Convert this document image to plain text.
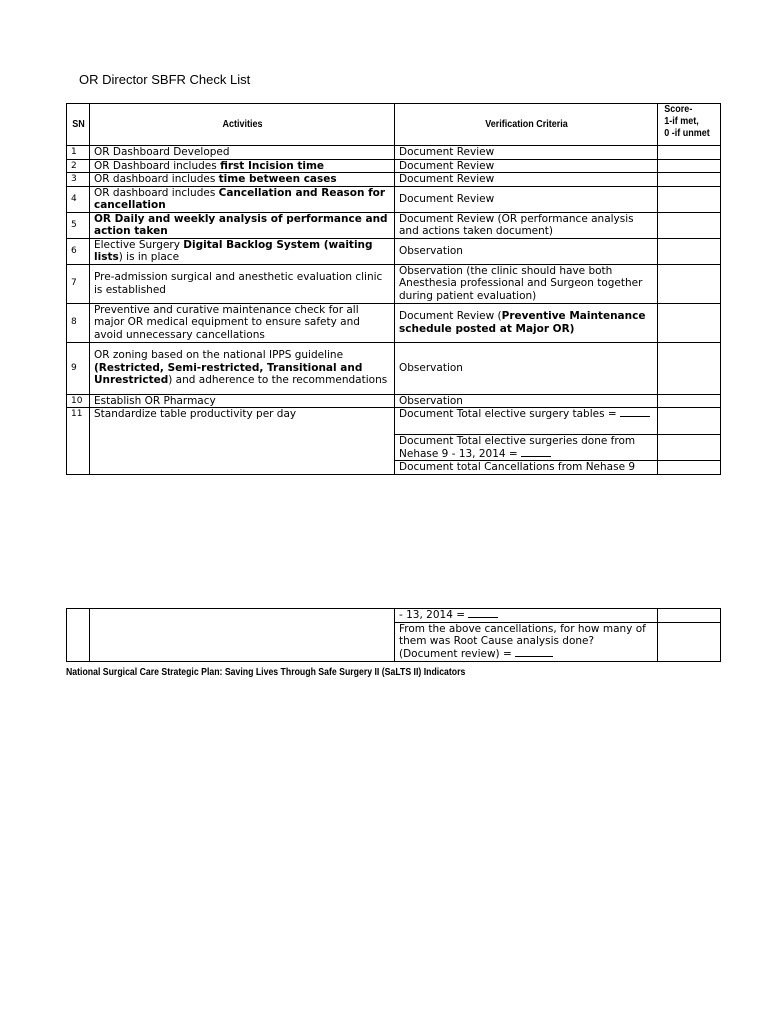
OR Director SBFR Check List
SN	Activities	Verification Criteria	Score-
1-if met,
0 -if unmet

1	OR Dashboard Developed	Document Review	
2	OR Dashboard includes first Incision time	Document Review	
3	OR dashboard includes time between cases	Document Review	
4	OR dashboard includes Cancellation and Reason for cancellation	Document Review	
5	OR Daily and weekly analysis of performance and action taken	Document Review (OR performance analysis and actions taken document)	
6	Elective Surgery Digital Backlog System (waiting lists) is in place	Observation	
7	Pre-admission surgical and anesthetic evaluation clinic is established	Observation (the clinic should have both Anesthesia professional and Surgeon together during patient evaluation)	
8	Preventive and curative maintenance check for all major OR medical equipment to ensure safety and avoid unnecessary cancellations	Document Review (Preventive Maintenance schedule posted at Major OR)	
9	OR zoning based on the national IPPS guideline (Restricted, Semi-restricted, Transitional and Unrestricted) and adherence to the recommendations	Observation	
10	Establish OR Pharmacy	Observation	
11	Standardize table productivity per day	Document Total elective surgery tables =	
		Document Total elective surgeries done from Nehase 9 - 13, 2014 =	
		Document total Cancellations from Nehase 9	
		- 13, 2014 =	
		From the above cancellations, for how many of them was Root Cause analysis done? (Document review) =	
National Surgical Care Strategic Plan: Saving Lives Through Safe Surgery II (SaLTS II) Indicators
